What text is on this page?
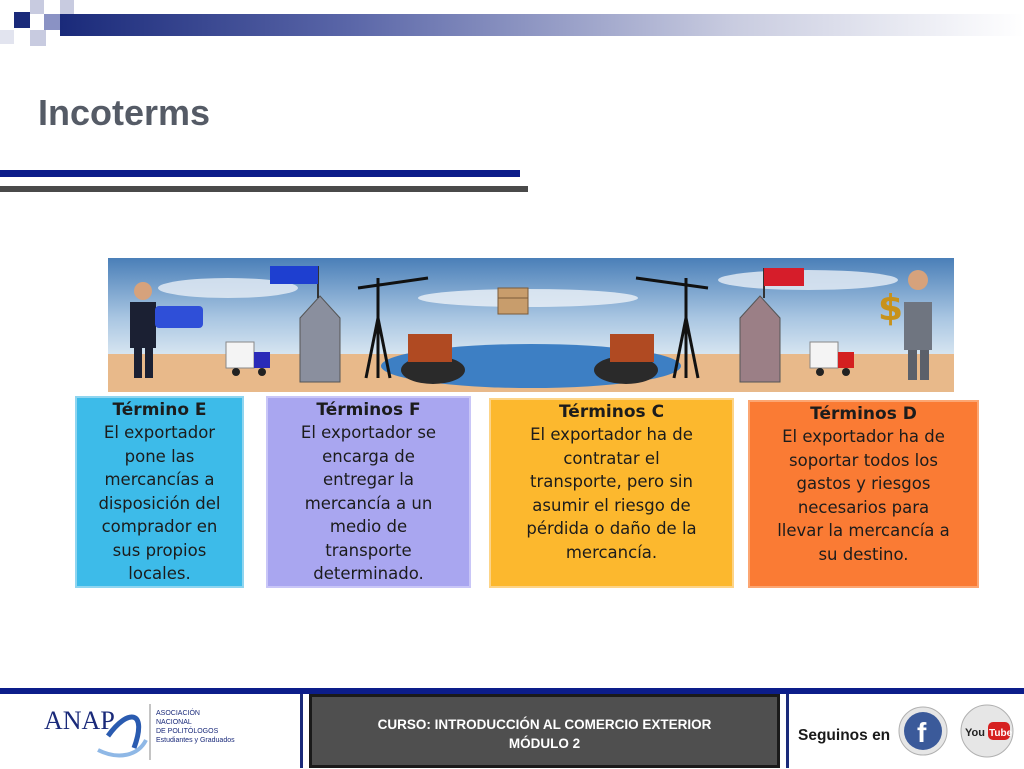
Incoterms
$
Término E

El exportador

pone las

mercancías a

disposición del

comprador en

sus propios

locales.

Términos F

El exportador se

encarga de

entregar la

mercancía a un

medio de

transporte

determinado.

Términos C

El exportador ha de

contratar el

transporte, pero sin

asumir el riesgo de

pérdida o daño de la

mercancía.

Términos D

El exportador ha de

soportar todos los

gastos y riesgos

necesarios para

llevar la mercancía a

su destino.

ANAP	ASOCIACIÓN
NACIONAL
DE POLITÓLOGOS
Estudiantes y Graduados
CURSO: INTRODUCCIÓN AL COMERCIO EXTERIOR
MÓDULO 2	Seguinos en f	You Tube
